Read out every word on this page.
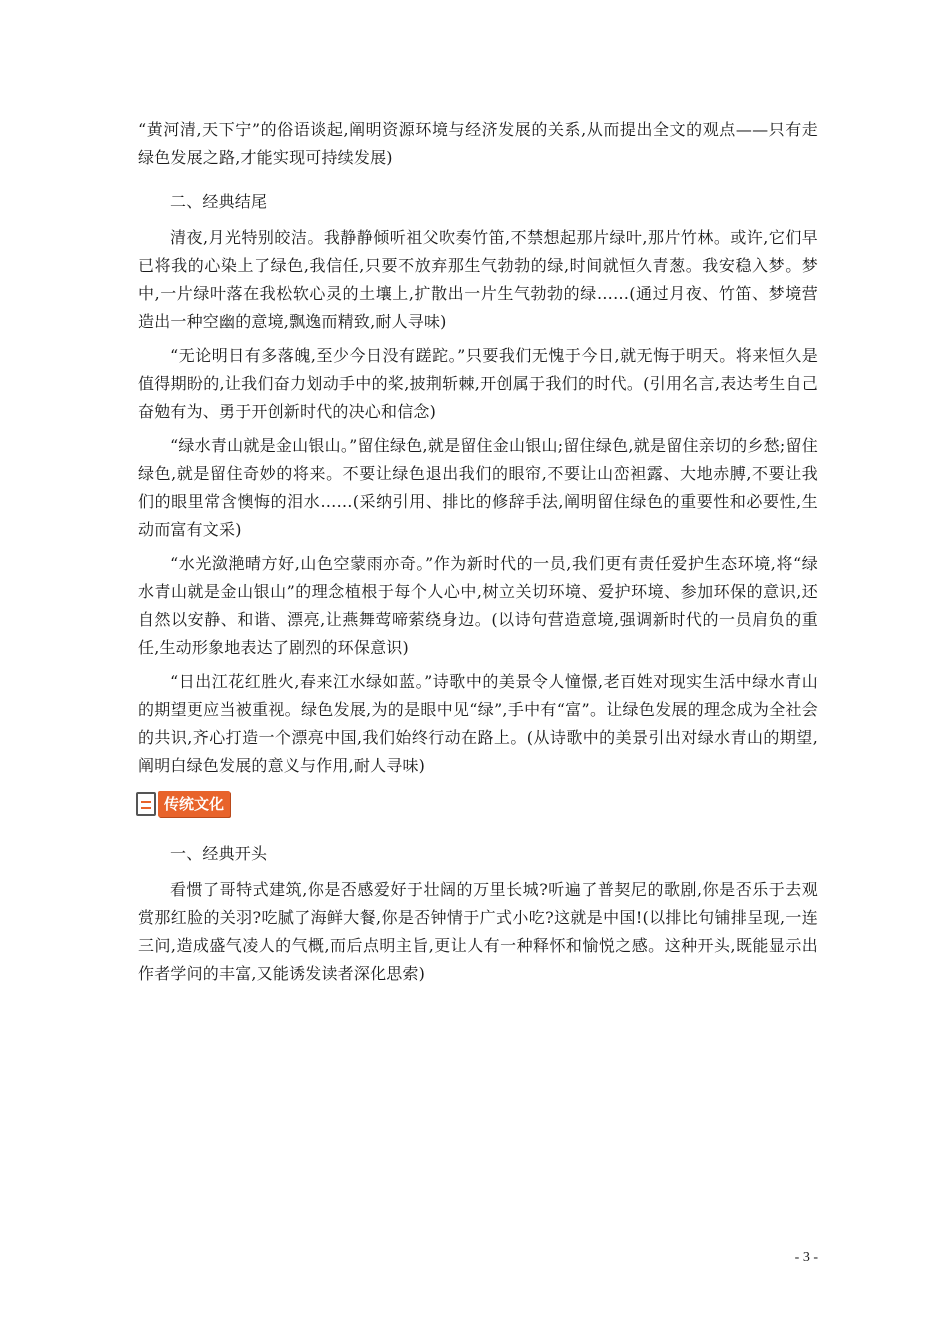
“黄河清,天下宁”的俗语谈起,阐明资源环境与经济发展的关系,从而提出全文的观点——只有走绿色发展之路,才能实现可持续发展)

二、经典结尾

清夜,月光特别皎洁。我静静倾听祖父吹奏竹笛,不禁想起那片绿叶,那片竹林。或许,它们早已将我的心染上了绿色,我信任,只要不放弃那生气勃勃的绿,时间就恒久青葱。我安稳入梦。梦中,一片绿叶落在我松软心灵的土壤上,扩散出一片生气勃勃的绿……(通过月夜、竹笛、梦境营造出一种空幽的意境,飘逸而精致,耐人寻味)

“无论明日有多落魄,至少今日没有蹉跎。”只要我们无愧于今日,就无悔于明天。将来恒久是值得期盼的,让我们奋力划动手中的桨,披荆斩棘,开创属于我们的时代。(引用名言,表达考生自己奋勉有为、勇于开创新时代的决心和信念)

“绿水青山就是金山银山。”留住绿色,就是留住金山银山;留住绿色,就是留住亲切的乡愁;留住绿色,就是留住奇妙的将来。不要让绿色退出我们的眼帘,不要让山峦袒露、大地赤膊,不要让我们的眼里常含懊悔的泪水……(采纳引用、排比的修辞手法,阐明留住绿色的重要性和必要性,生动而富有文采)

“水光潋滟晴方好,山色空蒙雨亦奇。”作为新时代的一员,我们更有责任爱护生态环境,将“绿水青山就是金山银山”的理念植根于每个人心中,树立关切环境、爱护环境、参加环保的意识,还自然以安静、和谐、漂亮,让燕舞莺啼萦绕身边。(以诗句营造意境,强调新时代的一员肩负的重任,生动形象地表达了剧烈的环保意识)

“日出江花红胜火,春来江水绿如蓝。”诗歌中的美景令人憧憬,老百姓对现实生活中绿水青山的期望更应当被重视。绿色发展,为的是眼中见“绿”,手中有“富”。让绿色发展的理念成为全社会的共识,齐心打造一个漂亮中国,我们始终行动在路上。(从诗歌中的美景引出对绿水青山的期望,阐明白绿色发展的意义与作用,耐人寻味)

传统文化

一、经典开头

看惯了哥特式建筑,你是否感爱好于壮阔的万里长城?听遍了普契尼的歌剧,你是否乐于去观赏那红脸的关羽?吃腻了海鲜大餐,你是否钟情于广式小吃?这就是中国!(以排比句铺排呈现,一连三问,造成盛气凌人的气概,而后点明主旨,更让人有一种释怀和愉悦之感。这种开头,既能显示出作者学问的丰富,又能诱发读者深化思索)

- 3 -
